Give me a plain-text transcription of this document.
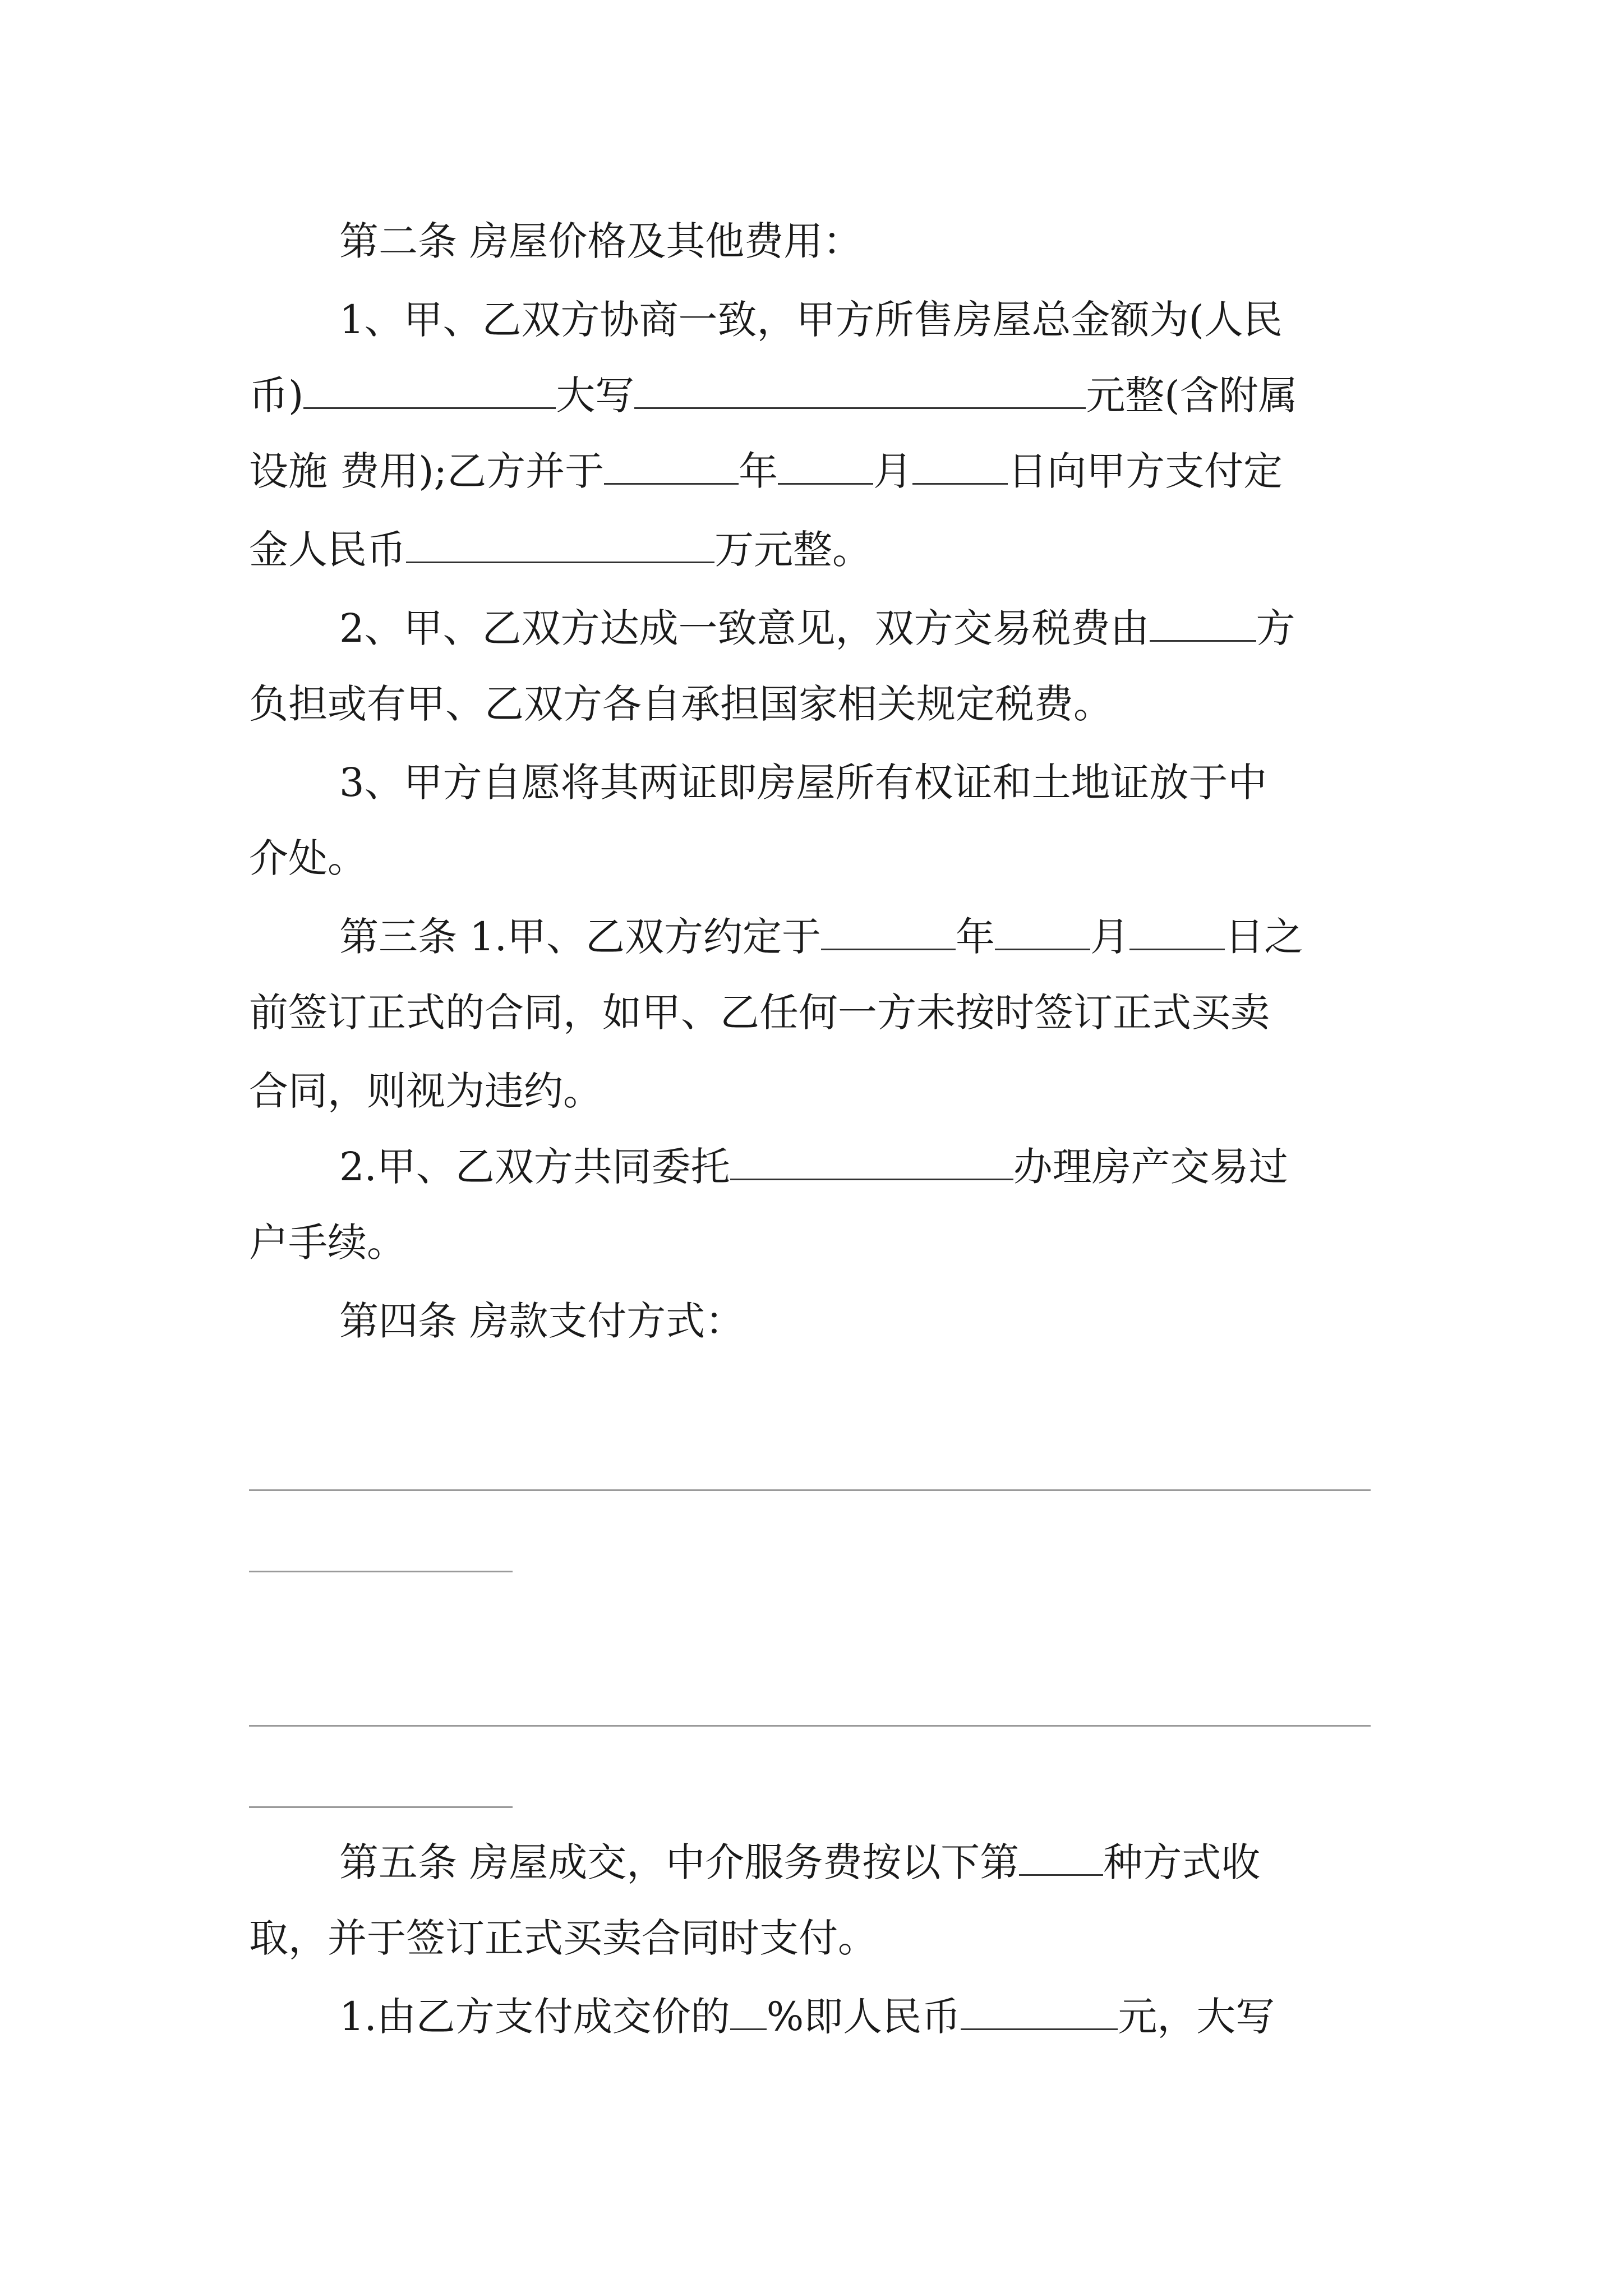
第二条 房屋价格及其他费用：
1、甲、乙双方协商一致，甲方所售房屋总金额为(人民
币)	大写	元整(含附属
设施 费用);乙方并于	年 月 日向甲方支付定
金人民币	万元整。
2、甲、乙双方达成一致意见，双方交易税费由	方
负担或有甲、乙双方各自承担国家相关规定税费。
3、甲方自愿将其两证即房屋所有权证和土地证放于中
介处。
第三条 1.甲、乙双方约定于	年 月 日之
前签订正式的合同，如甲、乙任何一方未按时签订正式买卖
合同，则视为违约。
2.甲、乙双方共同委托	办理房产交易过
户手续。
第四条 房款支付方式：
第五条 房屋成交，中介服务费按以下第 种方式收
取，并于签订正式买卖合同时支付。
1.由乙方支付成交价的 %即人民币	元，大写
